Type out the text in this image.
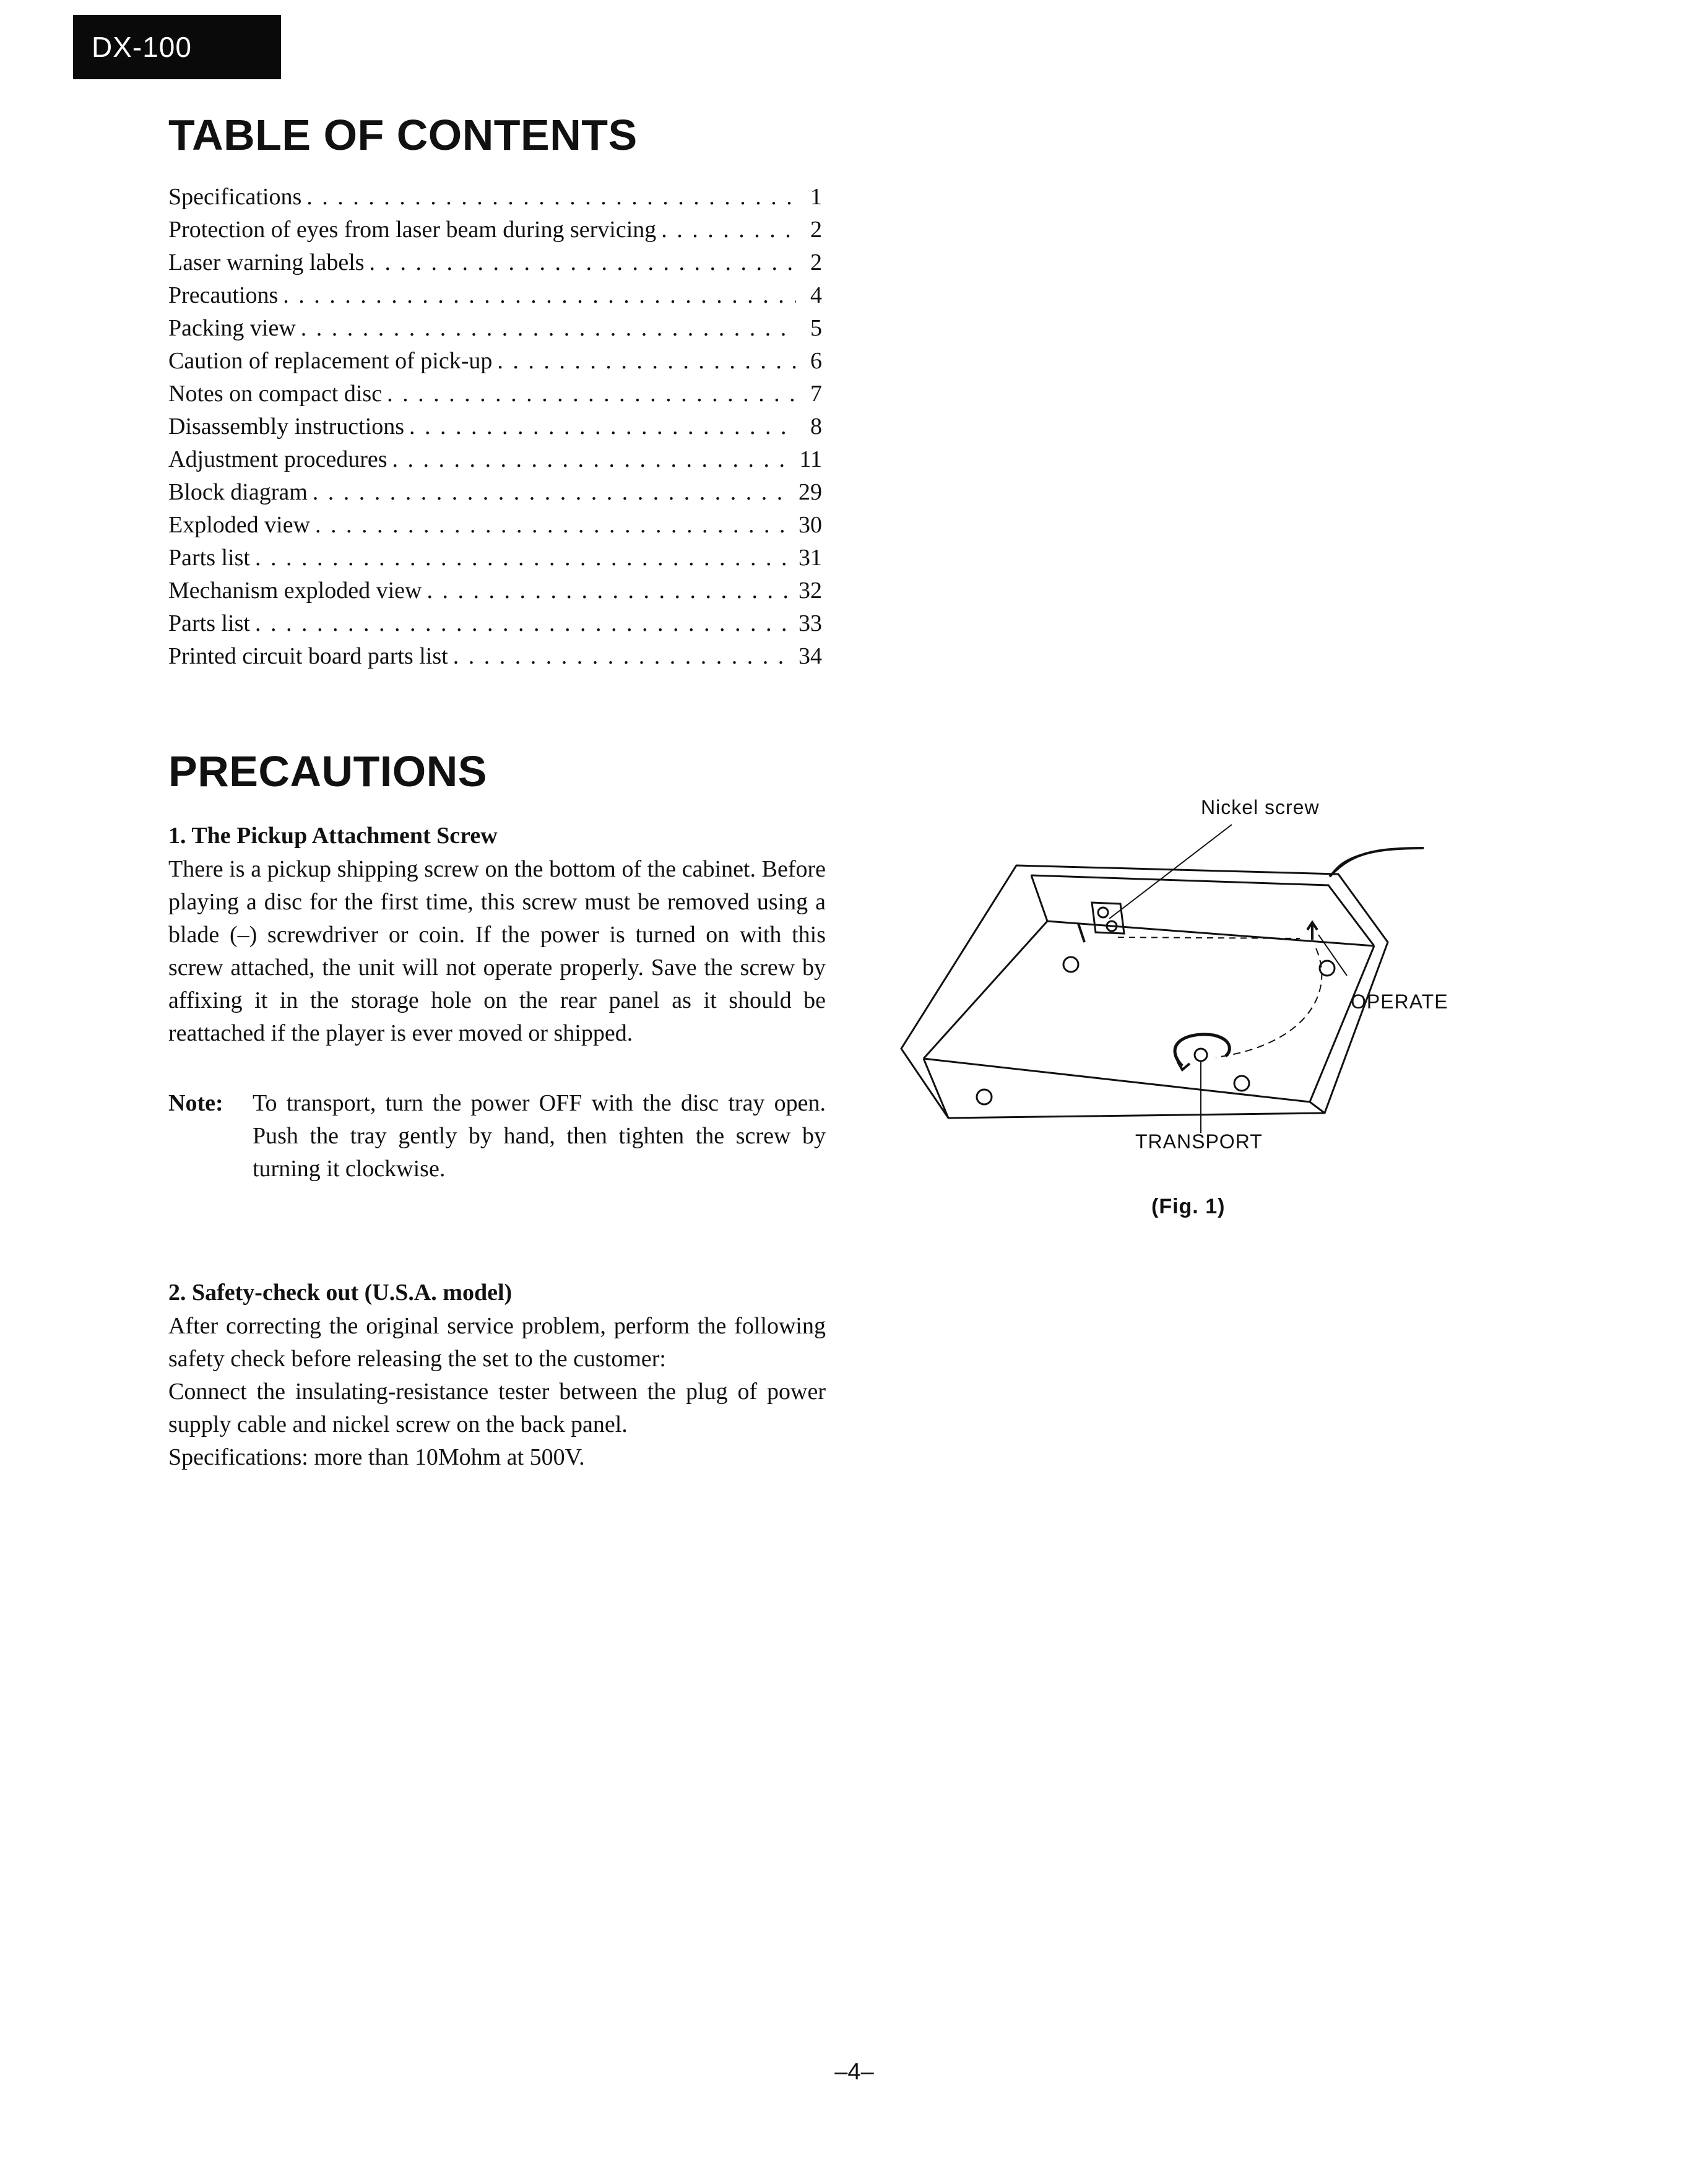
DX-100
TABLE OF CONTENTS
Specifications . . .	1
Protection of eyes from laser beam during servicing . . .	2
Laser warning labels . . .	2
Precautions . . .	4
Packing view . . .	5
Caution of replacement of pick-up . . .	6
Notes on compact disc . . .	7
Disassembly instructions . . .	8
Adjustment procedures . . .	11
Block diagram . . .	29
Exploded view . . .	30
Parts list . . .	31
Mechanism exploded view . . .	32
Parts list . . .	33
Printed circuit board parts list . . .	34
PRECAUTIONS
1. The Pickup Attachment Screw

There is a pickup shipping screw on the bottom of the cabinet. Before playing a disc for the first time, this screw must be removed using a blade (–) screwdriver or coin. If the power is turned on with this screw attached, the unit will not operate properly. Save the screw by affixing it in the storage hole on the rear panel as it should be reattached if the player is ever moved or shipped.

Note:	To transport, turn the power OFF with the disc tray open. Push the tray gently by hand, then tighten the screw by turning it clockwise.
2. Safety-check out (U.S.A. model)
After correcting the original service problem, perform the following safety check before releasing the set to the customer:
Connect the insulating-resistance tester between the plug of power supply cable and nickel screw on the back panel.
Specifications: more than 10Mohm at 500V.
Nickel screw
OPERATE
TRANSPORT
(Fig. 1)
–4–
